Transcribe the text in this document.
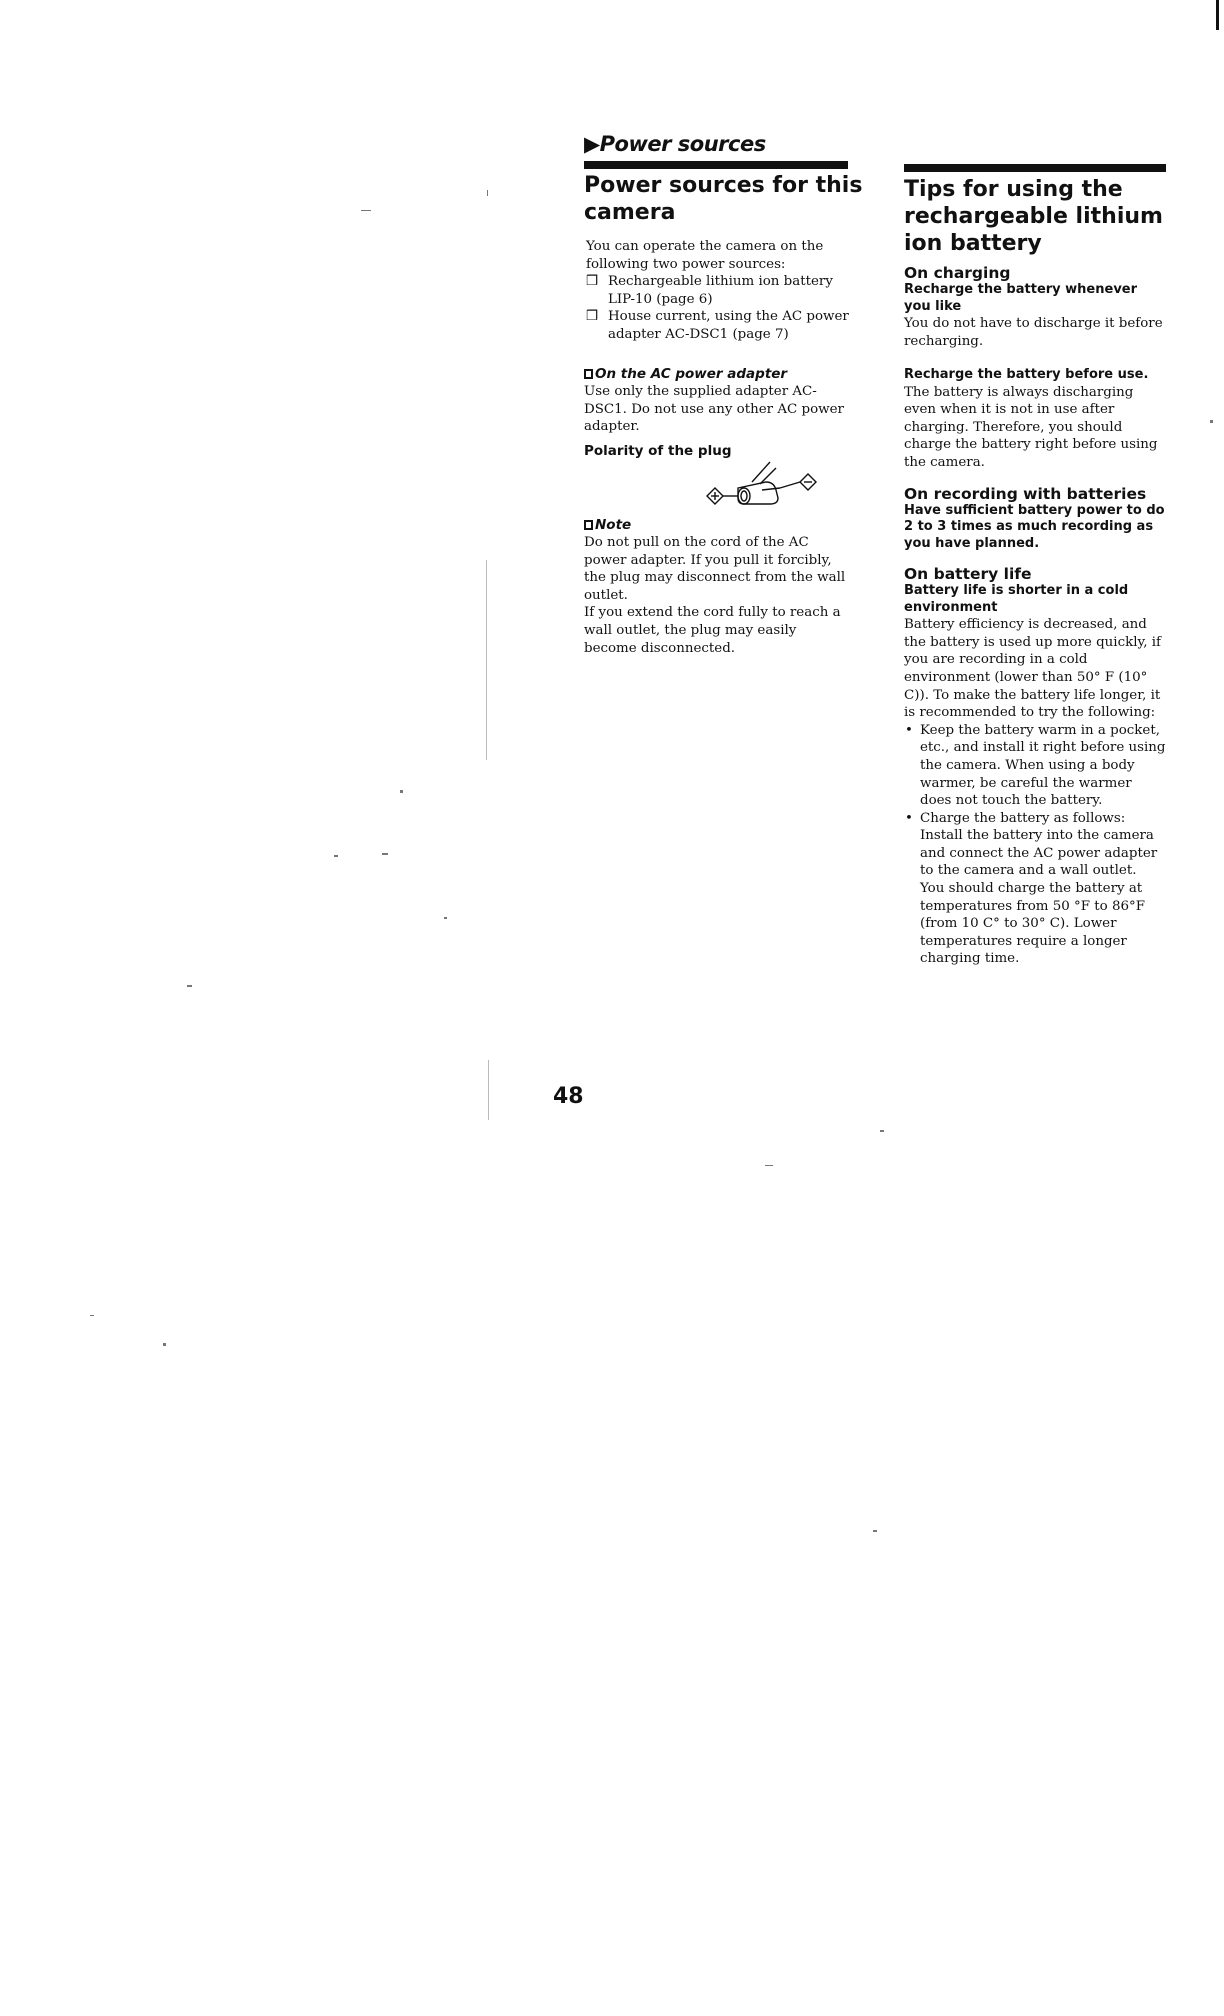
▶Power sources
Power sources for this camera
You can operate the camera on the following two power sources:
❒ Rechargeable lithium ion battery LIP-10 (page 6)
❒ House current, using the AC power adapter AC-DSC1 (page 7)
On the AC power adapter
Use only the supplied adapter AC-DSC1. Do not use any other AC power adapter.
Polarity of the plug
Note
Do not pull on the cord of the AC power adapter. If you pull it forcibly, the plug may disconnect from the wall outlet.
If you extend the cord fully to reach a wall outlet, the plug may easily become disconnected.
48
Tips for using the rechargeable lithium ion battery
On charging
Recharge the battery whenever you like
You do not have to discharge it before recharging.
Recharge the battery before use.
The battery is always discharging even when it is not in use after charging. Therefore, you should charge the battery right before using the camera.
On recording with batteries
Have sufficient battery power to do 2 to 3 times as much recording as you have planned.
On battery life
Battery life is shorter in a cold environment
Battery efficiency is decreased, and the battery is used up more quickly, if you are recording in a cold environment (lower than 50° F (10° C)). To make the battery life longer, it is recommended to try the following:
• Keep the battery warm in a pocket, etc., and install it right before using the camera. When using a body warmer, be careful the warmer does not touch the battery.
• Charge the battery as follows: Install the battery into the camera and connect the AC power adapter to the camera and a wall outlet.
You should charge the battery at temperatures from 50 °F to 86°F (from 10 C° to 30° C). Lower temperatures require a longer charging time.
